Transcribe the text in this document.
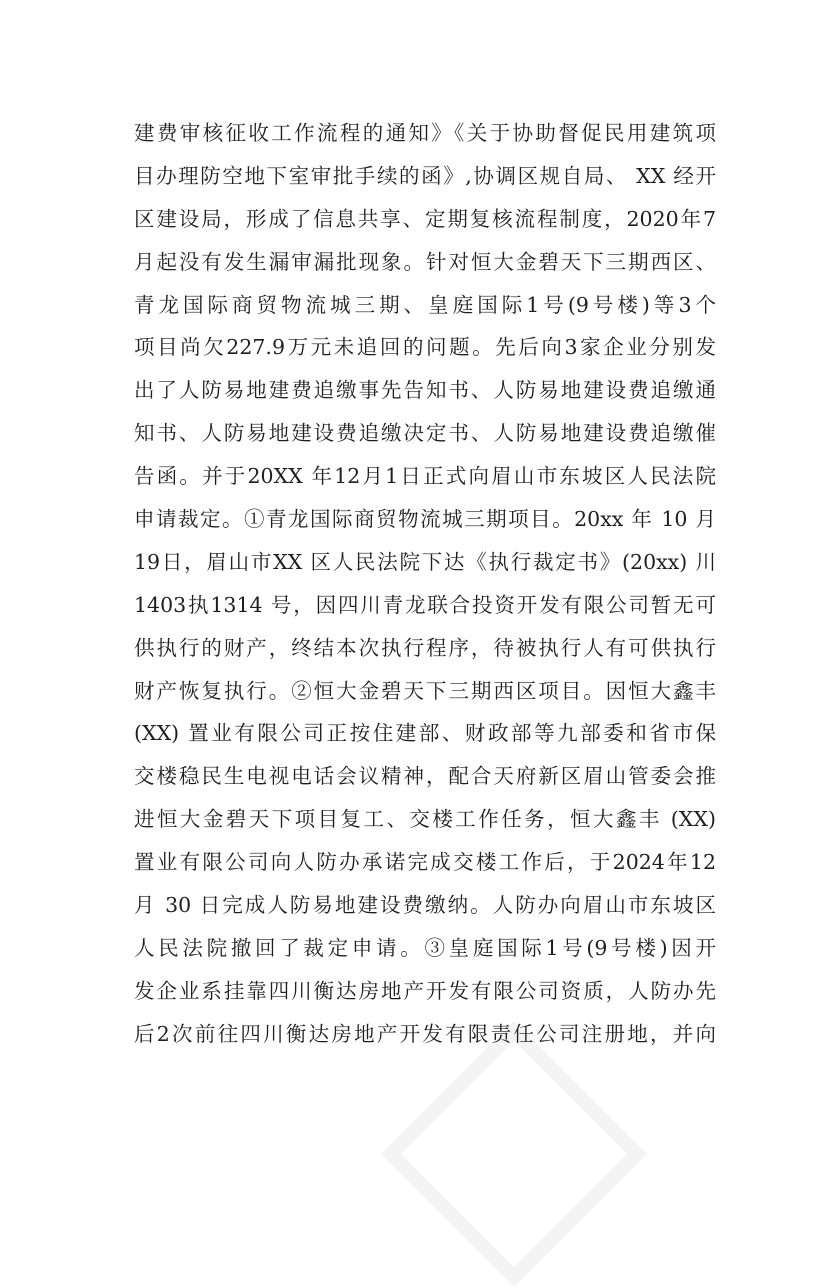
建费审核征收工作流程的通知》《关于协助督促民用建筑项
目办理防空地下室审批手续的函》,协调区规自局、 XX 经开
区建设局，形成了信息共享、定期复核流程制度，2020年7
月起没有发生漏审漏批现象。针对恒大金碧天下三期西区、
青龙国际商贸物流城三期、皇庭国际1号(9号楼)等3个
项目尚欠227.9万元未追回的问题。先后向3家企业分别发
出了人防易地建费追缴事先告知书、人防易地建设费追缴通
知书、人防易地建设费追缴决定书、人防易地建设费追缴催
告函。并于20XX 年12月1日正式向眉山市东坡区人民法院
申请裁定。①青龙国际商贸物流城三期项目。20xx 年 10 月
19日，眉山市XX 区人民法院下达《执行裁定书》(20xx) 川
1403执1314 号，因四川青龙联合投资开发有限公司暂无可
供执行的财产，终结本次执行程序，待被执行人有可供执行
财产恢复执行。②恒大金碧天下三期西区项目。因恒大鑫丰
(XX) 置业有限公司正按住建部、财政部等九部委和省市保
交楼稳民生电视电话会议精神，配合天府新区眉山管委会推
进恒大金碧天下项目复工、交楼工作任务，恒大鑫丰 (XX)
置业有限公司向人防办承诺完成交楼工作后，于2024年12
月 30 日完成人防易地建设费缴纳。人防办向眉山市东坡区
人民法院撤回了裁定申请。③皇庭国际1号(9号楼)因开
发企业系挂靠四川衡达房地产开发有限公司资质，人防办先
后2次前往四川衡达房地产开发有限责任公司注册地，并向
